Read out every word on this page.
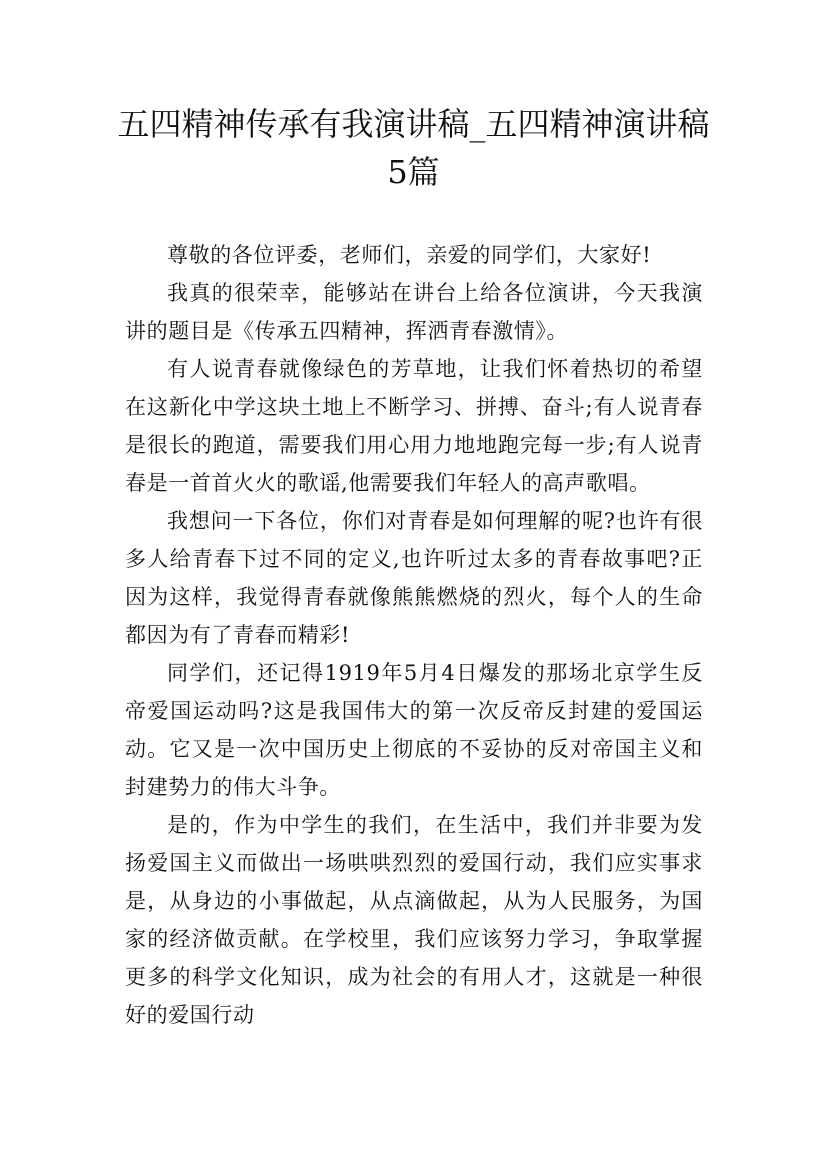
五四精神传承有我演讲稿_五四精神演讲稿
5篇

尊敬的各位评委，老师们，亲爱的同学们，大家好!

我真的很荣幸，能够站在讲台上给各位演讲，今天我演讲的题目是《传承五四精神，挥洒青春激情》。

有人说青春就像绿色的芳草地，让我们怀着热切的希望在这新化中学这块土地上不断学习、拼搏、奋斗;有人说青春是很长的跑道，需要我们用心用力地地跑完每一步;有人说青春是一首首火火的歌谣,他需要我们年轻人的高声歌唱。

我想问一下各位，你们对青春是如何理解的呢?也许有很多人给青春下过不同的定义,也许听过太多的青春故事吧?正因为这样，我觉得青春就像熊熊燃烧的烈火，每个人的生命都因为有了青春而精彩!

同学们，还记得1919年5月4日爆发的那场北京学生反帝爱国运动吗?这是我国伟大的第一次反帝反封建的爱国运动。它又是一次中国历史上彻底的不妥协的反对帝国主义和封建势力的伟大斗争。

是的，作为中学生的我们，在生活中，我们并非要为发扬爱国主义而做出一场哄哄烈烈的爱国行动，我们应实事求是，从身边的小事做起，从点滴做起，从为人民服务，为国家的经济做贡献。在学校里，我们应该努力学习，争取掌握更多的科学文化知识，成为社会的有用人才，这就是一种很好的爱国行动
